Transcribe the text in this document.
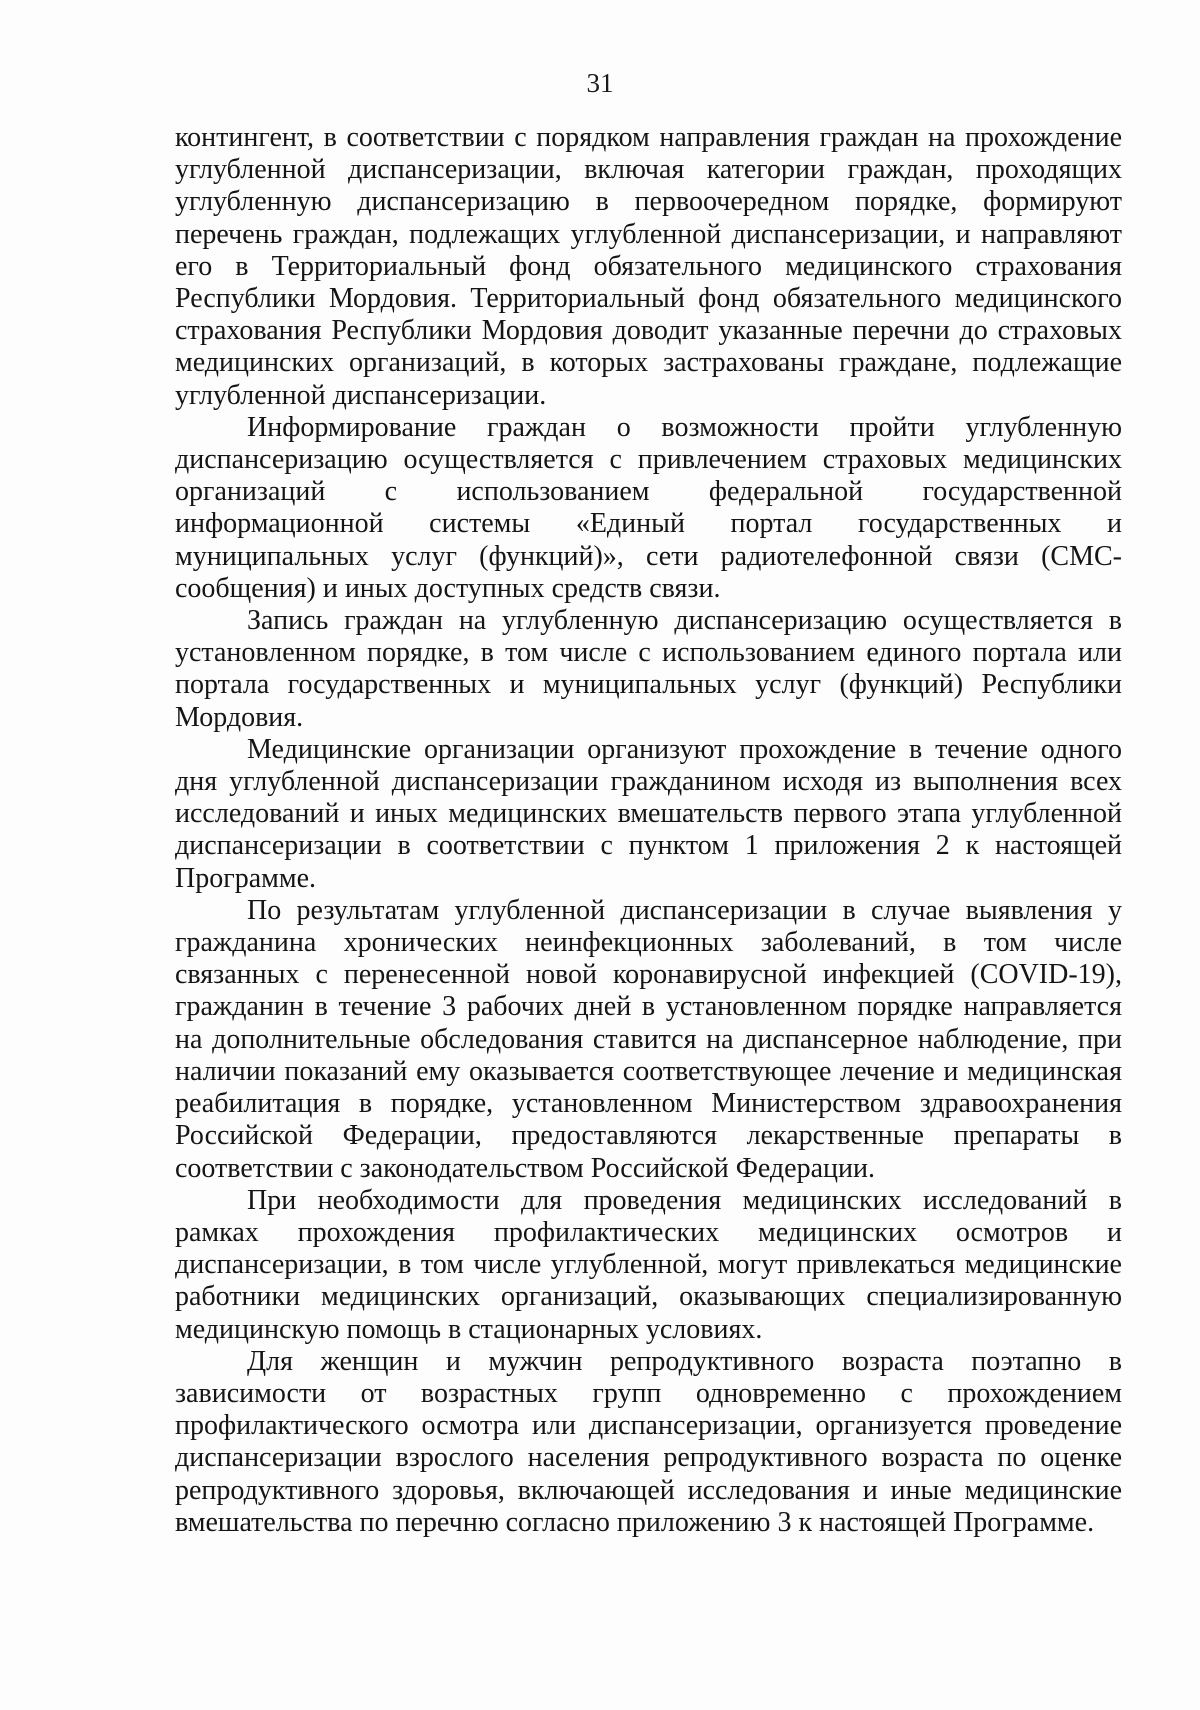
31

контингент, в соответствии с порядком направления граждан на прохождение углубленной диспансеризации, включая категории граждан, проходящих углубленную диспансеризацию в первоочередном порядке, формируют перечень граждан, подлежащих углубленной диспансеризации, и направляют его в Территориальный фонд обязательного медицинского страхования Республики Мордовия. Территориальный фонд обязательного медицинского страхования Республики Мордовия доводит указанные перечни до страховых медицинских организаций, в которых застрахованы граждане, подлежащие углубленной диспансеризации.

Информирование граждан о возможности пройти углубленную диспансеризацию осуществляется с привлечением страховых медицинских организаций с использованием федеральной государственной информационной системы «Единый портал государственных и муниципальных услуг (функций)», сети радиотелефонной связи (СМС-сообщения) и иных доступных средств связи.

Запись граждан на углубленную диспансеризацию осуществляется в установленном порядке, в том числе с использованием единого портала или портала государственных и муниципальных услуг (функций) Республики Мордовия.

Медицинские организации организуют прохождение в течение одного дня углубленной диспансеризации гражданином исходя из выполнения всех исследований и иных медицинских вмешательств первого этапа углубленной диспансеризации в соответствии с пунктом 1 приложения 2 к настоящей Программе.

По результатам углубленной диспансеризации в случае выявления у гражданина хронических неинфекционных заболеваний, в том числе связанных с перенесенной новой коронавирусной инфекцией (COVID-19), гражданин в течение 3 рабочих дней в установленном порядке направляется на дополнительные обследования ставится на диспансерное наблюдение, при наличии показаний ему оказывается соответствующее лечение и медицинская реабилитация в порядке, установленном Министерством здравоохранения Российской Федерации, предоставляются лекарственные препараты в соответствии с законодательством Российской Федерации.

При необходимости для проведения медицинских исследований в рамках прохождения профилактических медицинских осмотров и диспансеризации, в том числе углубленной, могут привлекаться медицинские работники медицинских организаций, оказывающих специализированную медицинскую помощь в стационарных условиях.

Для женщин и мужчин репродуктивного возраста поэтапно в зависимости от возрастных групп одновременно с прохождением профилактического осмотра или диспансеризации, организуется проведение диспансеризации взрослого населения репродуктивного возраста по оценке репродуктивного здоровья, включающей исследования и иные медицинские вмешательства по перечню согласно приложению 3 к настоящей Программе.
